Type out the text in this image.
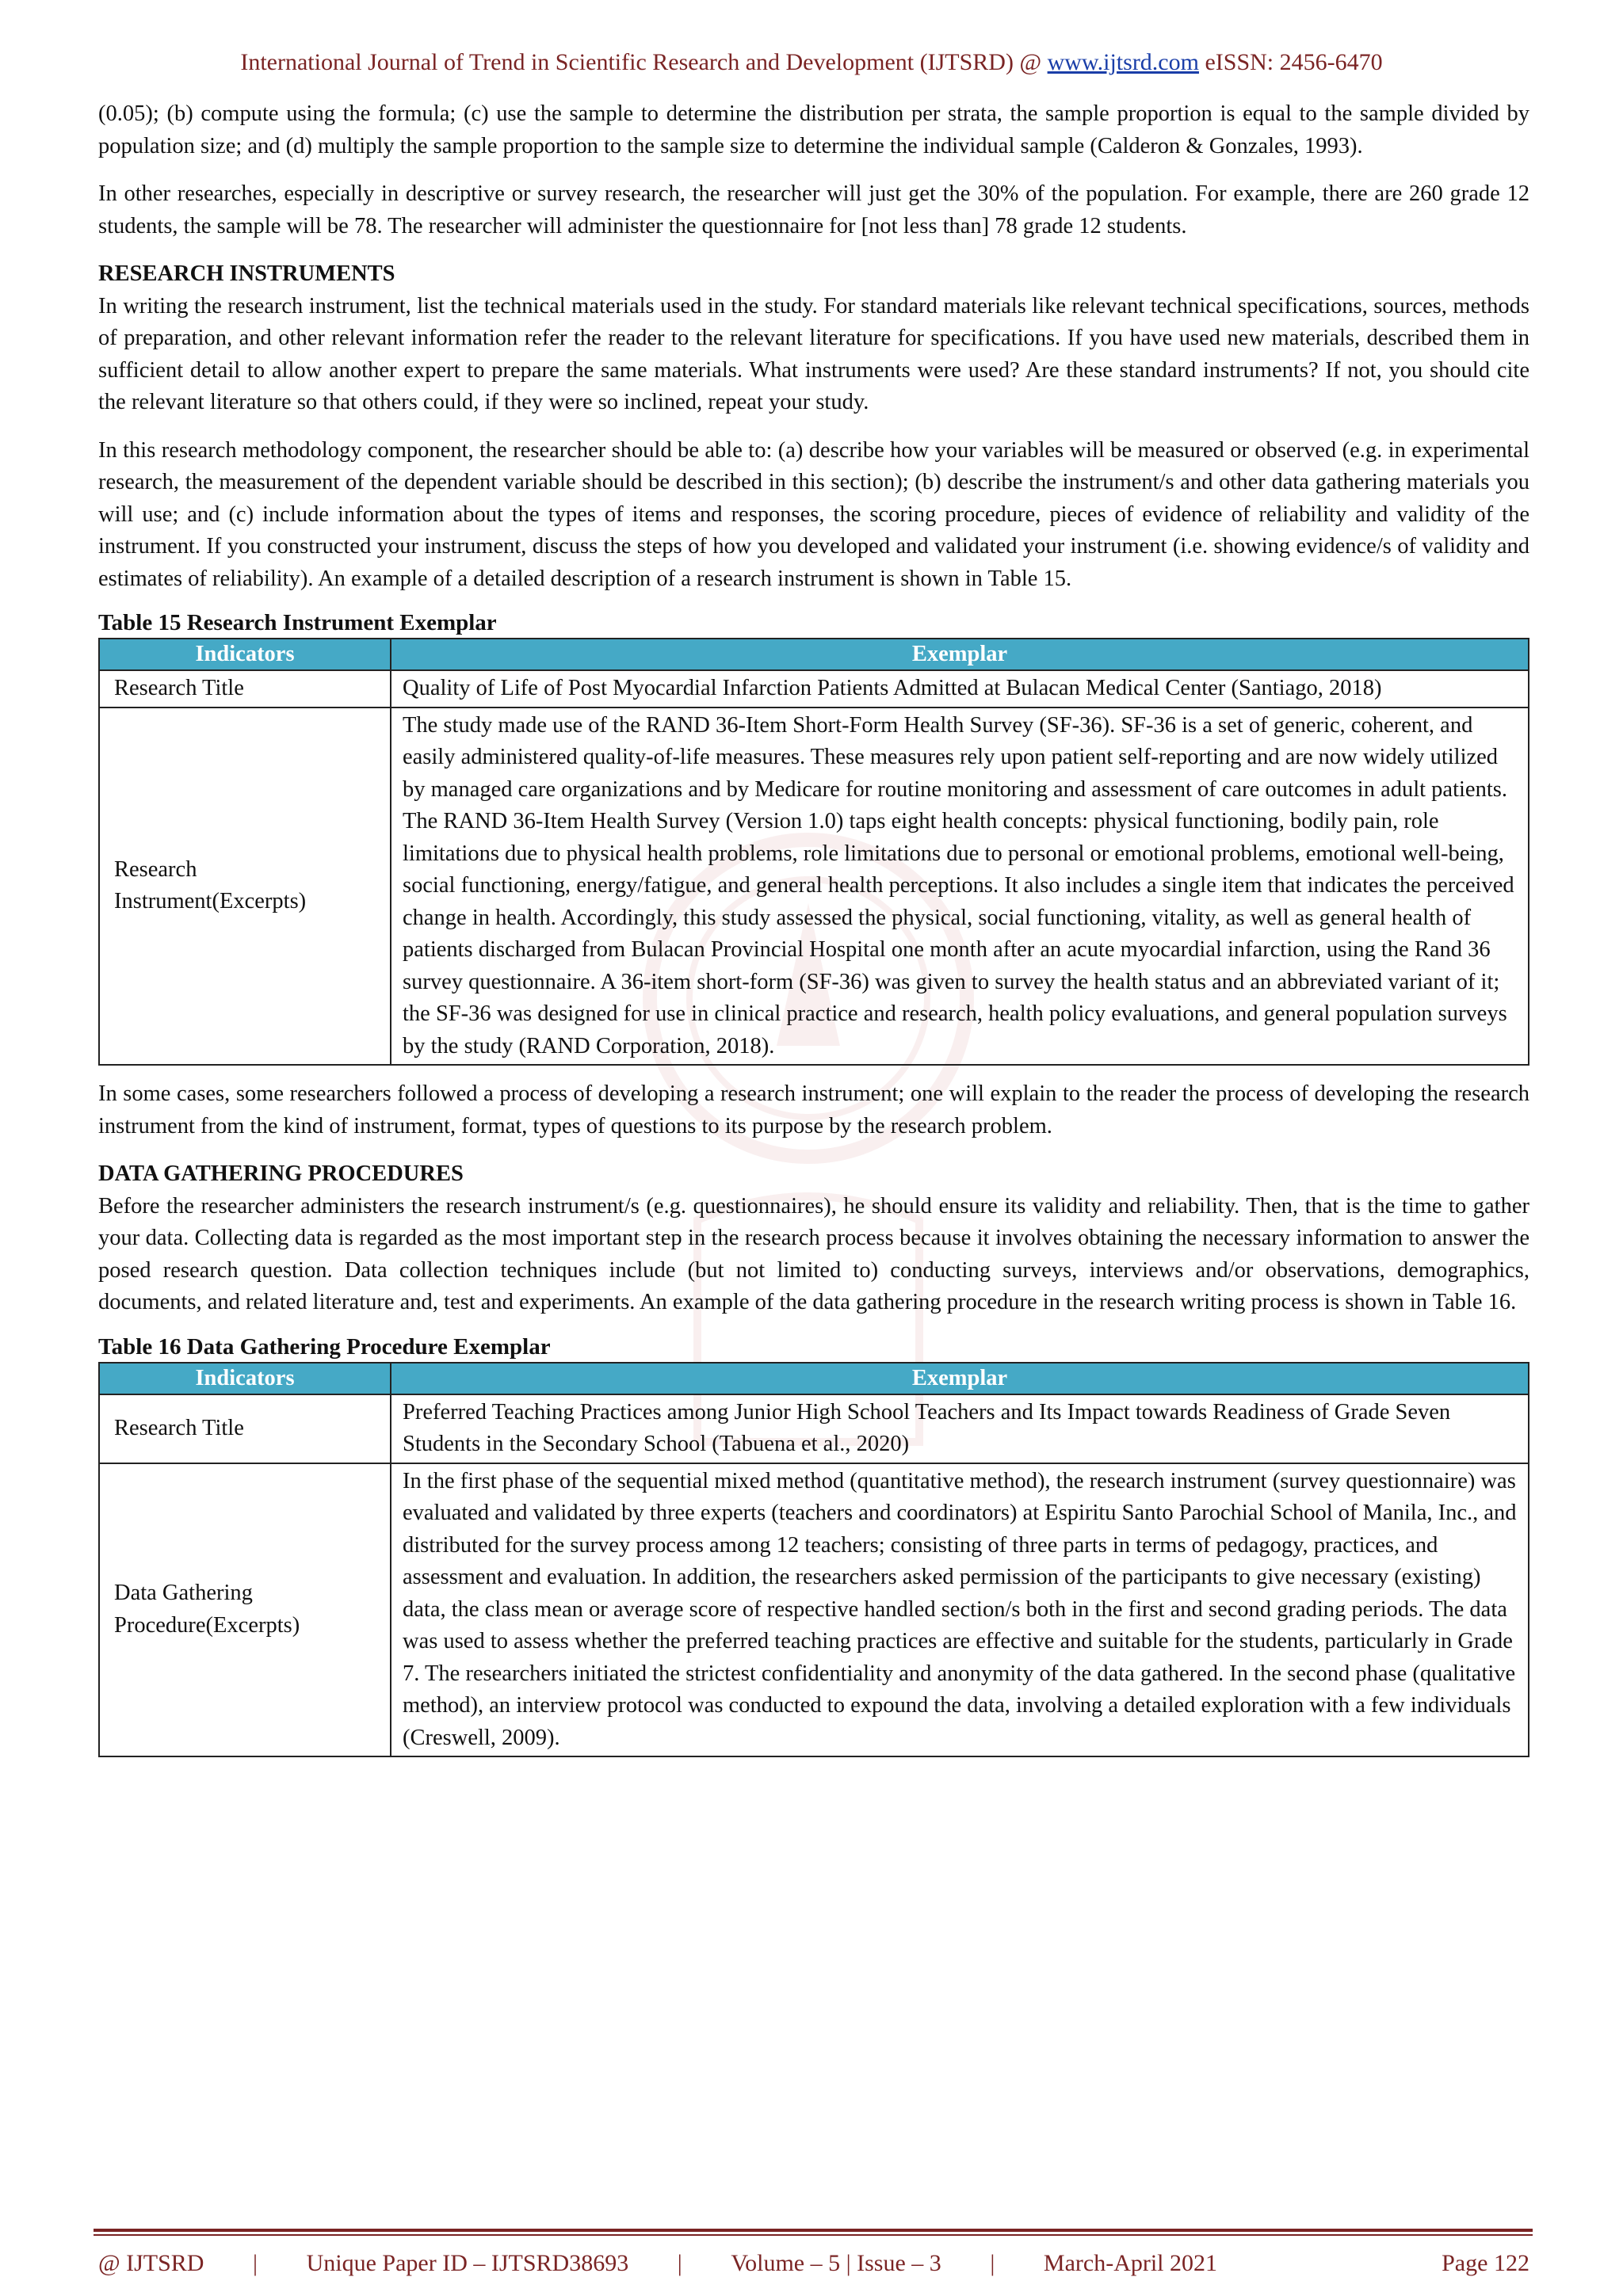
International Journal of Trend in Scientific Research and Development (IJTSRD) @ www.ijtsrd.com eISSN: 2456-6470

(0.05); (b) compute using the formula; (c) use the sample to determine the distribution per strata, the sample proportion is equal to the sample divided by population size; and (d) multiply the sample proportion to the sample size to determine the individual sample (Calderon & Gonzales, 1993).

In other researches, especially in descriptive or survey research, the researcher will just get the 30% of the population. For example, there are 260 grade 12 students, the sample will be 78. The researcher will administer the questionnaire for [not less than] 78 grade 12 students.

RESEARCH INSTRUMENTS

In writing the research instrument, list the technical materials used in the study. For standard materials like relevant technical specifications, sources, methods of preparation, and other relevant information refer the reader to the relevant literature for specifications. If you have used new materials, described them in sufficient detail to allow another expert to prepare the same materials. What instruments were used? Are these standard instruments? If not, you should cite the relevant literature so that others could, if they were so inclined, repeat your study.

In this research methodology component, the researcher should be able to: (a) describe how your variables will be measured or observed (e.g. in experimental research, the measurement of the dependent variable should be described in this section); (b) describe the instrument/s and other data gathering materials you will use; and (c) include information about the types of items and responses, the scoring procedure, pieces of evidence of reliability and validity of the instrument. If you constructed your instrument, discuss the steps of how you developed and validated your instrument (i.e. showing evidence/s of validity and estimates of reliability). An example of a detailed description of a research instrument is shown in Table 15.

Table 15 Research Instrument Exemplar

Indicators	Exemplar
Research Title	Quality of Life of Post Myocardial Infarction Patients Admitted at Bulacan Medical Center (Santiago, 2018)
Research Instrument(Excerpts)	The study made use of the RAND 36-Item Short-Form Health Survey (SF-36). SF-36 is a set of generic, coherent, and easily administered quality-of-life measures. These measures rely upon patient self-reporting and are now widely utilized by managed care organizations and by Medicare for routine monitoring and assessment of care outcomes in adult patients. The RAND 36-Item Health Survey (Version 1.0) taps eight health concepts: physical functioning, bodily pain, role limitations due to physical health problems, role limitations due to personal or emotional problems, emotional well-being, social functioning, energy/fatigue, and general health perceptions. It also includes a single item that indicates the perceived change in health. Accordingly, this study assessed the physical, social functioning, vitality, as well as general health of patients discharged from Bulacan Provincial Hospital one month after an acute myocardial infarction, using the Rand 36 survey questionnaire. A 36-item short-form (SF-36) was given to survey the health status and an abbreviated variant of it; the SF-36 was designed for use in clinical practice and research, health policy evaluations, and general population surveys by the study (RAND Corporation, 2018).

In some cases, some researchers followed a process of developing a research instrument; one will explain to the reader the process of developing the research instrument from the kind of instrument, format, types of questions to its purpose by the research problem.

DATA GATHERING PROCEDURES

Before the researcher administers the research instrument/s (e.g. questionnaires), he should ensure its validity and reliability. Then, that is the time to gather your data. Collecting data is regarded as the most important step in the research process because it involves obtaining the necessary information to answer the posed research question. Data collection techniques include (but not limited to) conducting surveys, interviews and/or observations, demographics, documents, and related literature and, test and experiments. An example of the data gathering procedure in the research writing process is shown in Table 16.

Table 16 Data Gathering Procedure Exemplar

Indicators	Exemplar
Research Title	Preferred Teaching Practices among Junior High School Teachers and Its Impact towards Readiness of Grade Seven Students in the Secondary School (Tabuena et al., 2020)
Data Gathering Procedure(Excerpts)	In the first phase of the sequential mixed method (quantitative method), the research instrument (survey questionnaire) was evaluated and validated by three experts (teachers and coordinators) at Espiritu Santo Parochial School of Manila, Inc., and distributed for the survey process among 12 teachers; consisting of three parts in terms of pedagogy, practices, and assessment and evaluation. In addition, the researchers asked permission of the participants to give necessary (existing) data, the class mean or average score of respective handled section/s both in the first and second grading periods. The data was used to assess whether the preferred teaching practices are effective and suitable for the students, particularly in Grade 7. The researchers initiated the strictest confidentiality and anonymity of the data gathered. In the second phase (qualitative method), an interview protocol was conducted to expound the data, involving a detailed exploration with a few individuals (Creswell, 2009).
@ IJTSRD | Unique Paper ID – IJTSRD38693 | Volume – 5 | Issue – 3 | March-April 2021	Page 122
